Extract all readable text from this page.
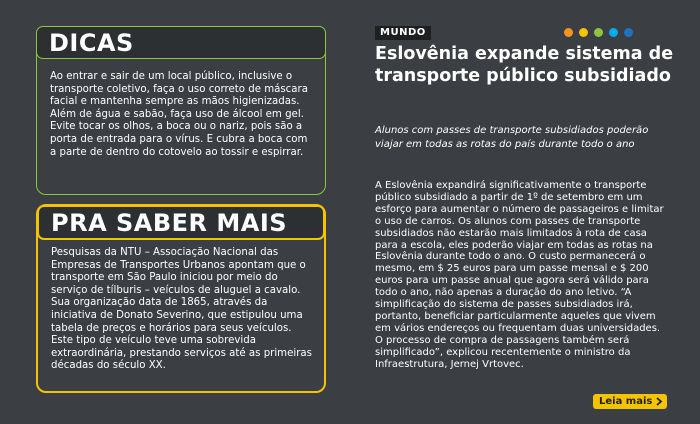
DICAS

Ao entrar e sair de um local público, inclusive o transporte coletivo, faça o uso correto de máscara facial e mantenha sempre as mãos higienizadas. Além de água e sabão, faça uso de álcool em gel. Evite tocar os olhos, a boca ou o nariz, pois são a porta de entrada para o vírus. E cubra a boca com a parte de dentro do cotovelo ao tossir e espirrar.

PRA SABER MAIS

Pesquisas da NTU – Associação Nacional das Empresas de Transportes Urbanos apontam que o transporte em São Paulo iniciou por meio do serviço de tílburis – veículos de aluguel a cavalo. Sua organização data de 1865, através da iniciativa de Donato Severino, que estipulou uma tabela de preços e horários para seus veículos. Este tipo de veículo teve uma sobrevida extraordinária, prestando serviços até as primeiras décadas do século XX.

MUNDO
Eslovênia expande sistema de transporte público subsidiado

Alunos com passes de transporte subsidiados poderão viajar em todas as rotas do país durante todo o ano

A Eslovênia expandirá significativamente o transporte público subsidiado a partir de 1º de setembro em um esforço para aumentar o número de passageiros e limitar o uso de carros. Os alunos com passes de transporte subsidiados não estarão mais limitados à rota de casa para a escola, eles poderão viajar em todas as rotas na Eslovênia durante todo o ano. O custo permanecerá o mesmo, em $ 25 euros para um passe mensal e $ 200 euros para um passe anual que agora será válido para todo o ano, não apenas a duração do ano letivo. “A simplificação do sistema de passes subsidiados irá, portanto, beneficiar particularmente aqueles que vivem em vários endereços ou frequentam duas universidades. O processo de compra de passagens também será simplificado”, explicou recentemente o ministro da Infraestrutura, Jernej Vrtovec.

Leia mais
